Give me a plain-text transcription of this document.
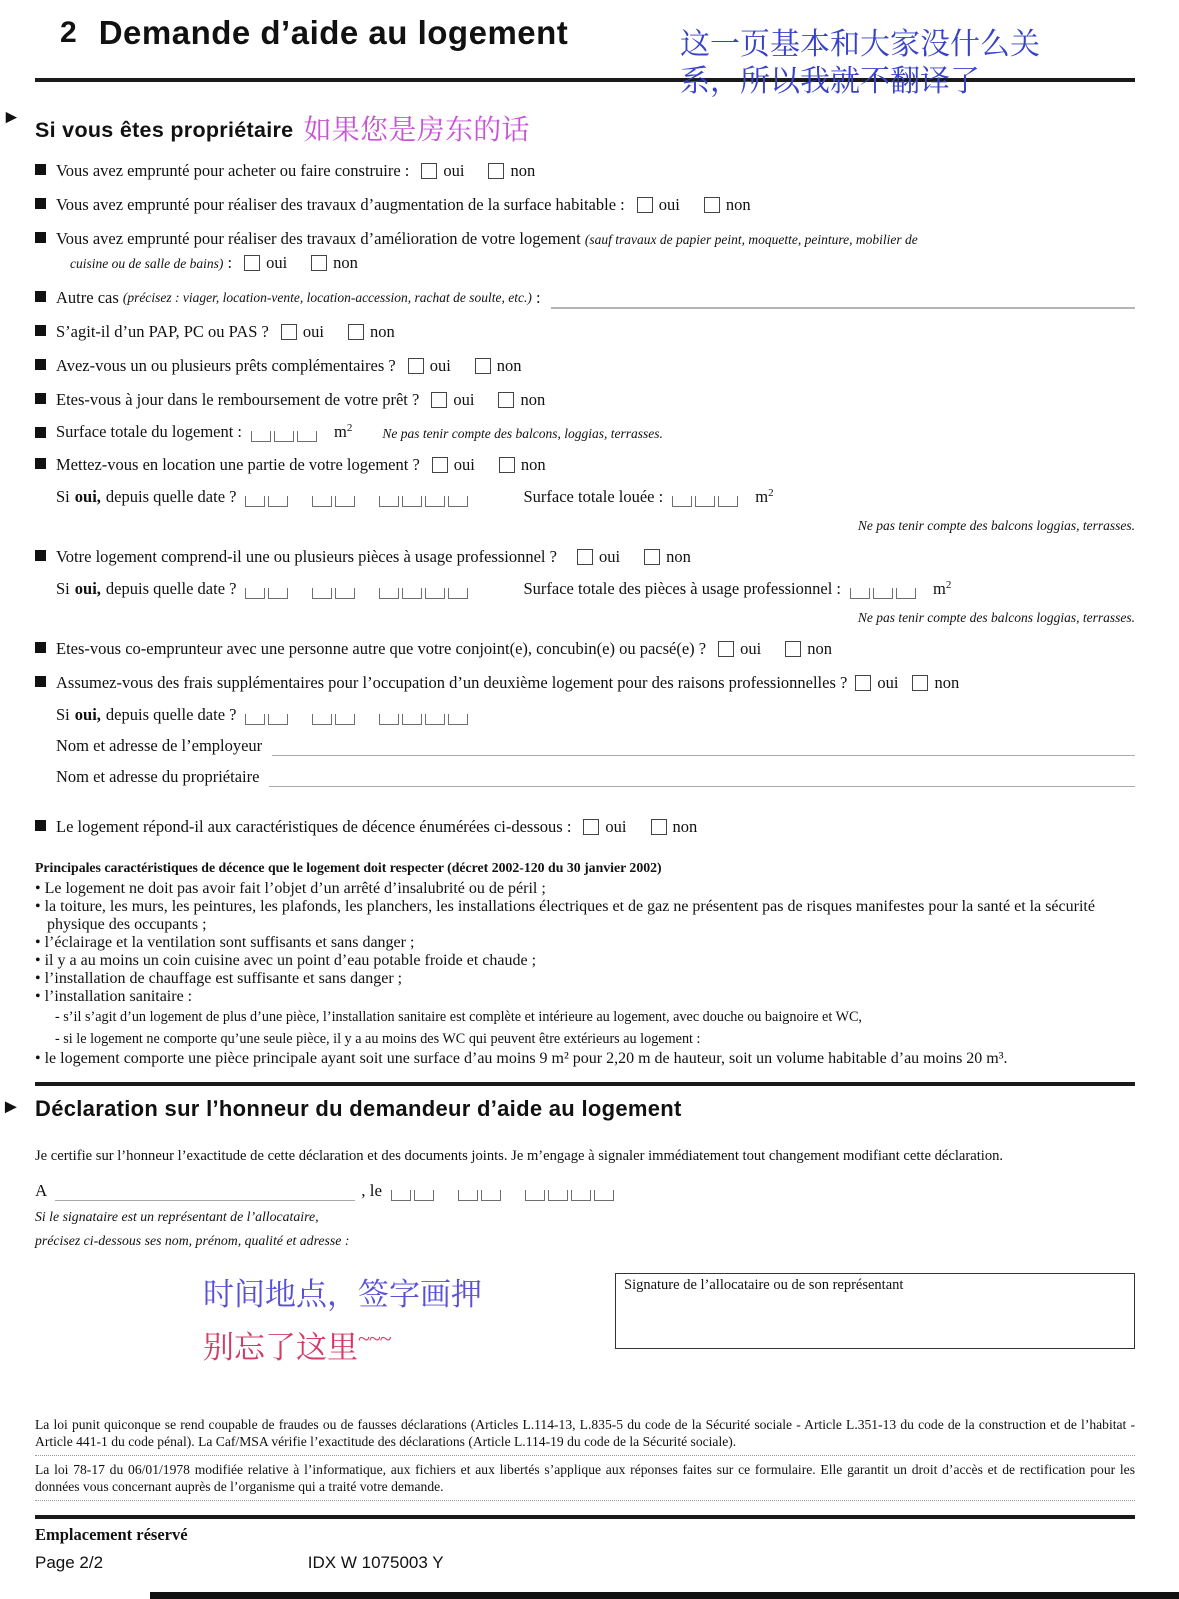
2 Demande d’aide au logement	这一页基本和大家没什么关
系，所以我就不翻译了
►
Si vous êtes propriétaire 如果您是房东的话
Vous avez emprunté pour acheter ou faire construire : oui	non
Vous avez emprunté pour réaliser des travaux d’augmentation de la surface habitable : oui	non
Vous avez emprunté pour réaliser des travaux d’amélioration de votre logement (sauf travaux de papier peint, moquette, peinture, mobilier de
cuisine ou de salle de bains) : oui	non
Autre cas
(précisez : viager, location-vente, location-accession, rachat de soulte, etc.)
:
S’agit-il d’un PAP, PC ou PAS ? oui	non
Avez-vous un ou plusieurs prêts complémentaires ? oui	non
Etes-vous à jour dans le remboursement de votre prêt ? oui	non
Surface totale du logement :	$m^2$ Ne pas tenir compte des balcons, loggias, terrasses.
Mettez-vous en location une partie de votre logement ? oui	non
Si oui, depuis quelle date ?	Surface totale louée :	$m^2$
Ne pas tenir compte des balcons loggias, terrasses.
Votre logement comprend-il une ou plusieurs pièces à usage professionnel ?	oui	non
Si oui, depuis quelle date ?	Surface totale des pièces à usage professionnel :	$m^2$
Ne pas tenir compte des balcons loggias, terrasses.
Etes-vous co-emprunteur avec une personne autre que votre conjoint(e), concubin(e) ou pacsé(e) ? oui	non
Assumez-vous des frais supplémentaires pour l’occupation d’un deuxième logement pour des raisons professionnelles ? oui non
Si oui, depuis quelle date ?
Nom et adresse de l’employeur
Nom et adresse du propriétaire
Le logement répond-il aux caractéristiques de décence énumérées ci-dessous : oui	non
Principales caractéristiques de décence que le logement doit respecter (décret 2002-120 du 30 janvier 2002)
• Le logement ne doit pas avoir fait l’objet d’un arrêté d’insalubrité ou de péril ;
• la toiture, les murs, les peintures, les plafonds, les planchers, les installations électriques et de gaz ne présentent pas de risques manifestes pour la santé et la sécurité physique des occupants ;
• l’éclairage et la ventilation sont suffisants et sans danger ;
• il y a au moins un coin cuisine avec un point d’eau potable froide et chaude ;
• l’installation de chauffage est suffisante et sans danger ;
• l’installation sanitaire :
- s’il s’agit d’un logement de plus d’une pièce, l’installation sanitaire est complète et intérieure au logement, avec douche ou baignoire et WC,
- si le logement ne comporte qu’une seule pièce, il y a au moins des WC qui peuvent être extérieurs au logement :
• le logement comporte une pièce principale ayant soit une surface d’au moins 9 m² pour 2,20 m de hauteur, soit un volume habitable d’au moins 20 m³.
► Déclaration sur l’honneur du demandeur d’aide au logement
Je certifie sur l’honneur l’exactitude de cette déclaration et des documents joints. Je m’engage à signaler immédiatement tout changement modifiant cette déclaration.
A	, le
Si le signataire est un représentant de l’allocataire,
précisez ci-dessous ses nom, prénom, qualité et adresse :
时间地点，签字画押
别忘了这里~~~
Signature de l’allocataire ou de son représentant

La loi punit quiconque se rend coupable de fraudes ou de fausses déclarations (Articles L.114-13, L.835-5 du code de la Sécurité sociale - Article L.351-13 du code de la construction et de l’habitat - Article 441-1 du code pénal). La Caf/MSA vérifie l’exactitude des déclarations (Article L.114-19 du code de la Sécurité sociale).

La loi 78-17 du 06/01/1978 modifiée relative à l’informatique, aux fichiers et aux libertés s’applique aux réponses faites sur ce formulaire. Elle garantit un droit d’accès et de rectification pour les données vous concernant auprès de l’organisme qui a traité votre demande.

Emplacement réservé
Page 2/2	IDX W 1075003 Y
